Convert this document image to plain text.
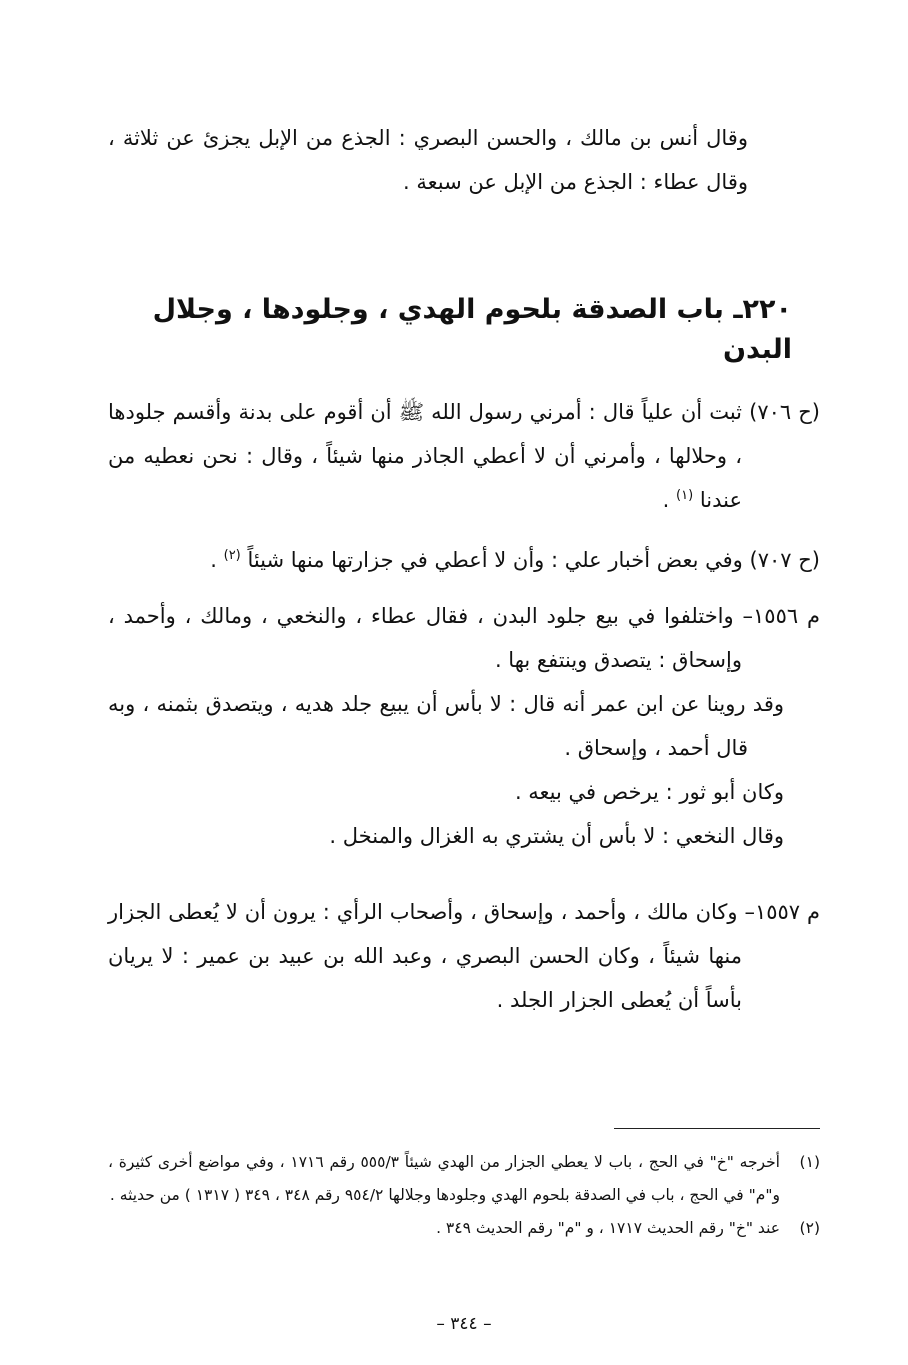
وقال أنس بن مالك ، والحسن البصري : الجذع من الإبل يجزئ عن ثلاثة ، وقال عطاء : الجذع من الإبل عن سبعة .
٢٢٠ـ باب الصدقة بلحوم الهدي ، وجلودها ، وجلال البدن
(ح ٧٠٦) ثبت أن علياً قال : أمرني رسول الله ﷺ أن أقوم على بدنة وأقسم جلودها ، وحلالها ، وأمرني أن لا أعطي الجاذر منها شيئاً ، وقال : نحن نعطيه من عندنا $^{(١)}$ .
(ح ٧٠٧) وفي بعض أخبار علي : وأن لا أعطي في جزارتها منها شيئاً $^{(٢)}$ .
م ١٥٥٦– واختلفوا في بيع جلود البدن ، فقال عطاء ، والنخعي ، ومالك ، وأحمد ، وإسحاق : يتصدق وينتفع بها .
وقد روينا عن ابن عمر أنه قال : لا بأس أن يبيع جلد هديه ، ويتصدق بثمنه ، وبه قال أحمد ، وإسحاق .
وكان أبو ثور : يرخص في بيعه .
وقال النخعي : لا بأس أن يشتري به الغزال والمنخل .
م ١٥٥٧– وكان مالك ، وأحمد ، وإسحاق ، وأصحاب الرأي : يرون أن لا يُعطى الجزار منها شيئاً ، وكان الحسن البصري ، وعبد الله بن عبيد بن عمير : لا يريان بأساً أن يُعطى الجزار الجلد .
(١)أخرجه "خ" في الحج ، باب لا يعطي الجزار من الهدي شيئاً ٥٥٥/٣ رقم ١٧١٦ ، وفي مواضع أخرى كثيرة ، و"م" في الحج ، باب في الصدقة بلحوم الهدي وجلودها وجلالها ٩٥٤/٢ رقم ٣٤٨ ، ٣٤٩ ( ١٣١٧ ) من حديثه .
(٢)عند "خ" رقم الحديث ١٧١٧ ، و "م" رقم الحديث ٣٤٩ .
– ٣٤٤ –
